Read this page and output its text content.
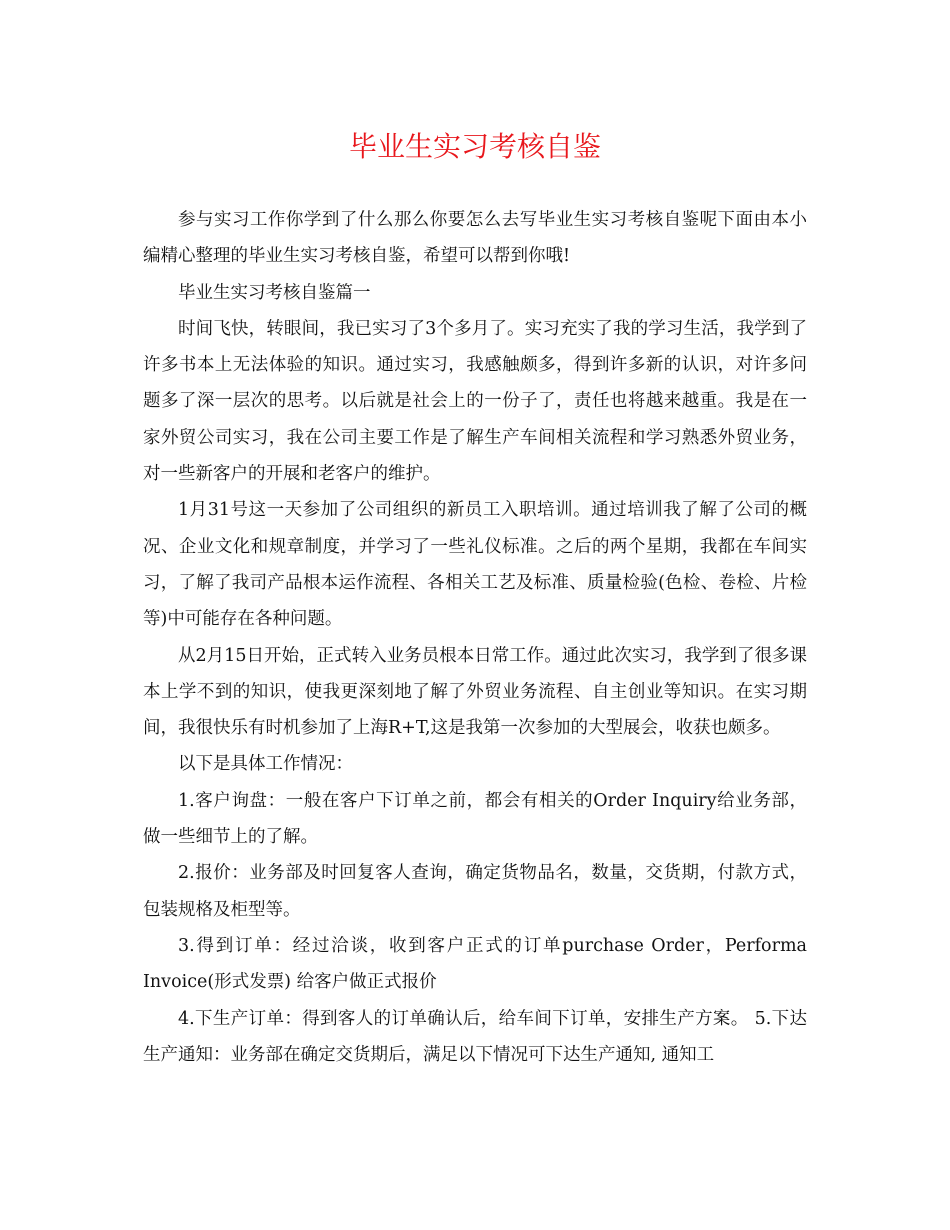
毕业生实习考核自鉴

参与实习工作你学到了什么那么你要怎么去写毕业生实习考核自鉴呢下面由本小编精心整理的毕业生实习考核自鉴，希望可以帮到你哦!

毕业生实习考核自鉴篇一

时间飞快，转眼间，我已实习了3个多月了。实习充实了我的学习生活，我学到了许多书本上无法体验的知识。通过实习，我感触颇多，得到许多新的认识，对许多问题多了深一层次的思考。以后就是社会上的一份子了，责任也将越来越重。我是在一家外贸公司实习，我在公司主要工作是了解生产车间相关流程和学习熟悉外贸业务，对一些新客户的开展和老客户的维护。

1月31号这一天参加了公司组织的新员工入职培训。通过培训我了解了公司的概况、企业文化和规章制度，并学习了一些礼仪标准。之后的两个星期，我都在车间实习，了解了我司产品根本运作流程、各相关工艺及标准、质量检验(色检、卷检、片检等)中可能存在各种问题。

从2月15日开始，正式转入业务员根本日常工作。通过此次实习，我学到了很多课本上学不到的知识，使我更深刻地了解了外贸业务流程、自主创业等知识。在实习期间，我很快乐有时机参加了上海R+T,这是我第一次参加的大型展会，收获也颇多。

以下是具体工作情况：

1.客户询盘：一般在客户下订单之前，都会有相关的Order Inquiry给业务部，做一些细节上的了解。

2.报价：业务部及时回复客人查询，确定货物品名，数量，交货期，付款方式，包装规格及柜型等。

3.得到订单：经过洽谈，收到客户正式的订单purchase Order，Performa Invoice(形式发票) 给客户做正式报价

4.下生产订单：得到客人的订单确认后，给车间下订单，安排生产方案。 5.下达生产通知：业务部在确定交货期后，满足以下情况可下达生产通知, 通知工
